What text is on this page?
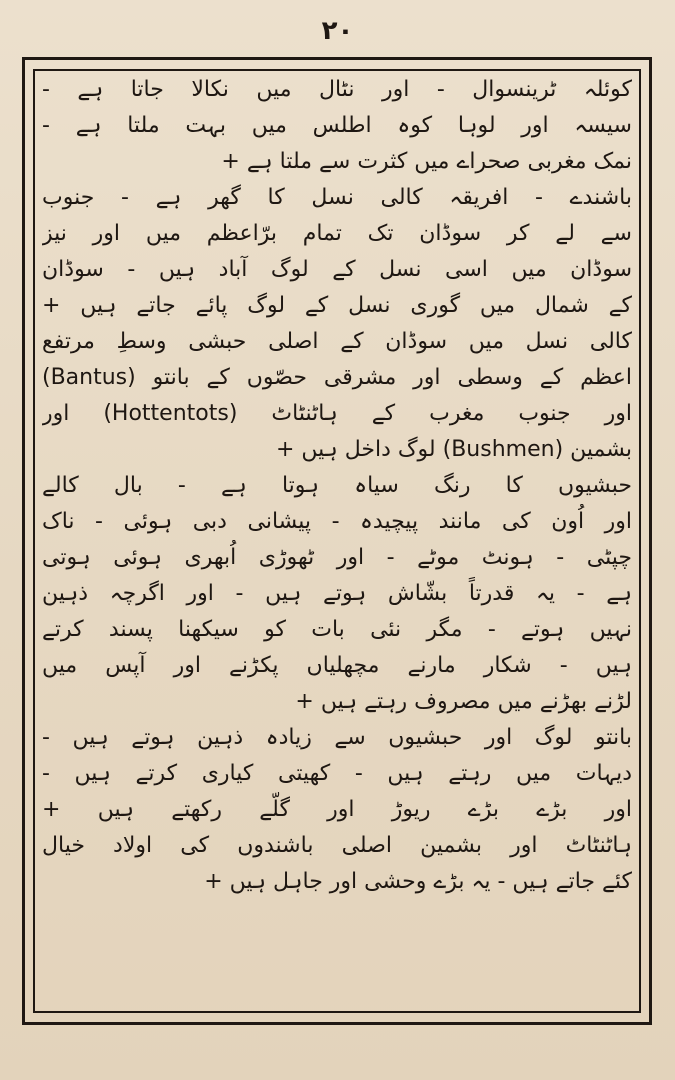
٢٠
کوئلہ ٹرینسوال - اور نٹال میں نکالا جاتا ہے -
سیسہ اور لوہا کوہ اطلس میں بہت ملتا ہے -
نمک مغربی صحراے میں کثرت سے ملتا ہے +
باشندے - افریقہ کالی نسل کا گھر ہے - جنوب
سے لے کر سوڈان تک تمام برّاعظم میں اور نیز
سوڈان میں اسی نسل کے لوگ آباد ہیں - سوڈان
کے شمال میں گوری نسل کے لوگ پائے جاتے ہیں +
کالی نسل میں سوڈان کے اصلی حبشی وسطِ مرتفع
اعظم کے وسطی اور مشرقی حصّوں کے بانتو (Bantus)
اور جنوب مغرب کے ہاٹنٹاٹ (Hottentots) اور
بشمین (Bushmen) لوگ داخل ہیں +
حبشیوں کا رنگ سیاہ ہوتا ہے - بال کالے
اور اُون کی مانند پیچیدہ - پیشانی دبی ہوئی - ناک
چپٹی - ہونٹ موٹے - اور ٹھوڑی اُبھری ہوئی ہوتی
ہے - یہ قدرتاً بشّاش ہوتے ہیں - اور اگرچہ ذہین
نہیں ہوتے - مگر نئی بات کو سیکھنا پسند کرتے
ہیں - شکار مارنے مچھلیاں پکڑنے اور آپس میں
لڑنے بھڑنے میں مصروف رہتے ہیں +
بانتو لوگ اور حبشیوں سے زیادہ ذہین ہوتے ہیں -
دیہات میں رہتے ہیں - کھیتی کیاری کرتے ہیں -
اور بڑے بڑے ریوڑ اور گلّے رکھتے ہیں +
ہاٹنٹاٹ اور بشمین اصلی باشندوں کی اولاد خیال
کئے جاتے ہیں - یہ بڑے وحشی اور جاہل ہیں +
